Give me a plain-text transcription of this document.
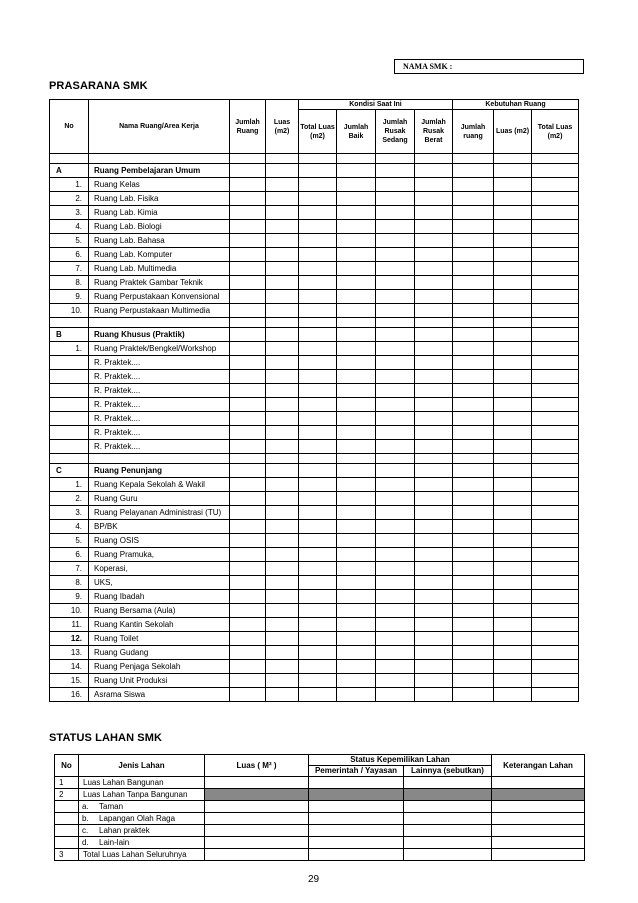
NAMA SMK :
PRASARANA SMK
No	Nama Ruang/Area Kerja	Jumlah Ruang	Luas (m2)	Kondisi Saat Ini				Kebutuhan Ruang		
				Total Luas (m2)	Jumlah Baik	Jumlah Rusak Sedang	Jumlah Rusak Berat	Jumlah ruang	Luas (m2)	Total Luas (m2)

A	Ruang Pembelajaran Umum									
1.	Ruang Kelas									
2.	Ruang Lab. Fisika									
3.	Ruang Lab. Kimia									
4.	Ruang Lab. Biologi									
5.	Ruang Lab. Bahasa									
6.	Ruang Lab. Komputer									
7.	Ruang Lab. Multimedia									
8.	Ruang Praktek Gambar Teknik									
9.	Ruang Perpustakaan Konvensional									
10.	Ruang Perpustakaan Multimedia									

B	Ruang Khusus (Praktik)									
1.	Ruang Praktek/Bengkel/Workshop									
	R. Praktek....									
	R. Praktek....									
	R. Praktek....									
	R. Praktek....									
	R. Praktek....									
	R. Praktek....									
	R. Praktek....									

C	Ruang Penunjang									
1.	Ruang Kepala Sekolah & Wakil									
2.	Ruang Guru									
3.	Ruang Pelayanan Administrasi (TU)									
4.	BP/BK									
5.	Ruang OSIS									
6.	Ruang Pramuka,									
7.	Koperasi,									
8.	UKS,									
9.	Ruang Ibadah									
10.	Ruang Bersama (Aula)									
11.	Ruang Kantin Sekolah									
12.	Ruang Toilet									
13.	Ruang Gudang									
14.	Ruang Penjaga Sekolah									
15.	Ruang Unit Produksi									
16.	Asrama Siswa									
STATUS LAHAN SMK
No	Jenis Lahan	Luas ( M² )	Status Kepemilikan Lahan		Keterangan Lahan
			Pemerintah / Yayasan	Lainnya (sebutkan)	
1	Luas Lahan Bangunan				
2	Luas Lahan Tanpa Bangunan				
	a. Taman				
	b. Lapangan Olah Raga				
	c. Lahan praktek				
	d. Lain-lain				
3	Total Luas Lahan Seluruhnya				
29
